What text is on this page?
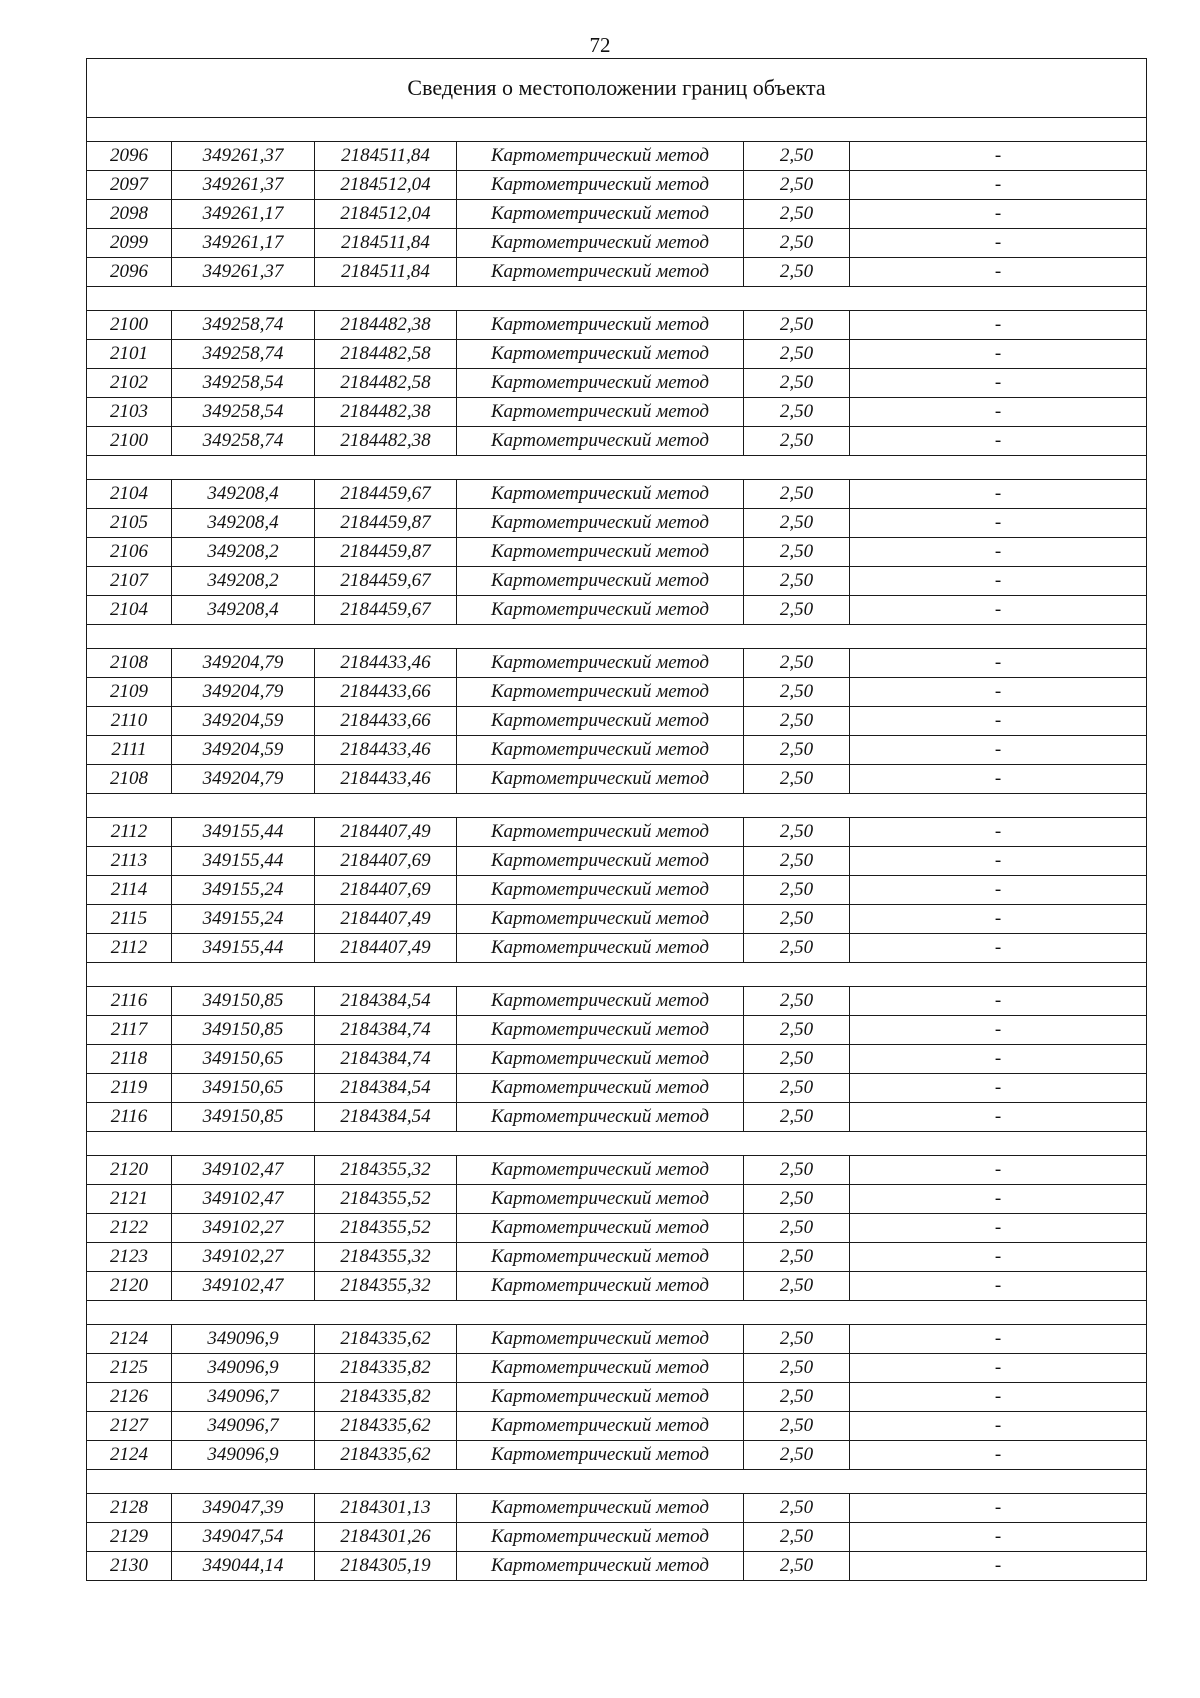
72
Сведения о местоположении границ объекта					

2096	349261,37	2184511,84	Картометрический метод	2,50	-
2097	349261,37	2184512,04	Картометрический метод	2,50	-
2098	349261,17	2184512,04	Картометрический метод	2,50	-
2099	349261,17	2184511,84	Картометрический метод	2,50	-
2096	349261,37	2184511,84	Картометрический метод	2,50	-

2100	349258,74	2184482,38	Картометрический метод	2,50	-
2101	349258,74	2184482,58	Картометрический метод	2,50	-
2102	349258,54	2184482,58	Картометрический метод	2,50	-
2103	349258,54	2184482,38	Картометрический метод	2,50	-
2100	349258,74	2184482,38	Картометрический метод	2,50	-

2104	349208,4	2184459,67	Картометрический метод	2,50	-
2105	349208,4	2184459,87	Картометрический метод	2,50	-
2106	349208,2	2184459,87	Картометрический метод	2,50	-
2107	349208,2	2184459,67	Картометрический метод	2,50	-
2104	349208,4	2184459,67	Картометрический метод	2,50	-

2108	349204,79	2184433,46	Картометрический метод	2,50	-
2109	349204,79	2184433,66	Картометрический метод	2,50	-
2110	349204,59	2184433,66	Картометрический метод	2,50	-
2111	349204,59	2184433,46	Картометрический метод	2,50	-
2108	349204,79	2184433,46	Картометрический метод	2,50	-

2112	349155,44	2184407,49	Картометрический метод	2,50	-
2113	349155,44	2184407,69	Картометрический метод	2,50	-
2114	349155,24	2184407,69	Картометрический метод	2,50	-
2115	349155,24	2184407,49	Картометрический метод	2,50	-
2112	349155,44	2184407,49	Картометрический метод	2,50	-

2116	349150,85	2184384,54	Картометрический метод	2,50	-
2117	349150,85	2184384,74	Картометрический метод	2,50	-
2118	349150,65	2184384,74	Картометрический метод	2,50	-
2119	349150,65	2184384,54	Картометрический метод	2,50	-
2116	349150,85	2184384,54	Картометрический метод	2,50	-

2120	349102,47	2184355,32	Картометрический метод	2,50	-
2121	349102,47	2184355,52	Картометрический метод	2,50	-
2122	349102,27	2184355,52	Картометрический метод	2,50	-
2123	349102,27	2184355,32	Картометрический метод	2,50	-
2120	349102,47	2184355,32	Картометрический метод	2,50	-

2124	349096,9	2184335,62	Картометрический метод	2,50	-
2125	349096,9	2184335,82	Картометрический метод	2,50	-
2126	349096,7	2184335,82	Картометрический метод	2,50	-
2127	349096,7	2184335,62	Картометрический метод	2,50	-
2124	349096,9	2184335,62	Картометрический метод	2,50	-

2128	349047,39	2184301,13	Картометрический метод	2,50	-
2129	349047,54	2184301,26	Картометрический метод	2,50	-
2130	349044,14	2184305,19	Картометрический метод	2,50	-
